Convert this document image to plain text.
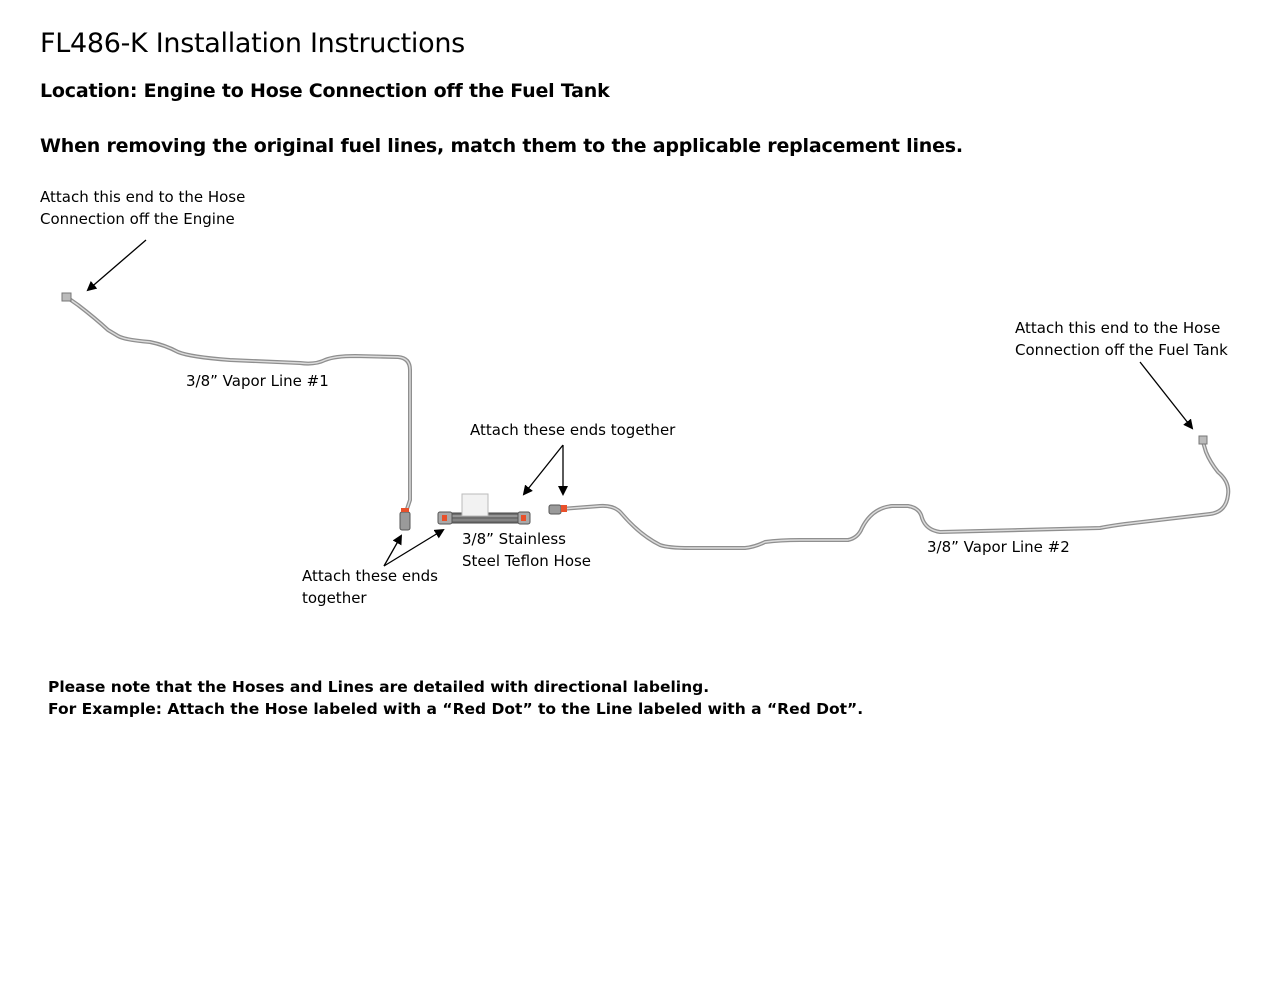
FL486-K Installation Instructions
Location: Engine to Hose Connection off the Fuel Tank
When removing the original fuel lines, match them to the applicable replacement lines.
Attach this end to the Hose
Connection off the Engine
Attach this end to the Hose
Connection off the Fuel Tank
3/8” Vapor Line #1
3/8” Vapor Line #2
Attach these ends together
3/8” Stainless
Steel Teflon Hose
Attach these ends
together
Please note that the Hoses and Lines are detailed with directional labeling.
For Example: Attach the Hose labeled with a “Red Dot” to the Line labeled with a “Red Dot”.
